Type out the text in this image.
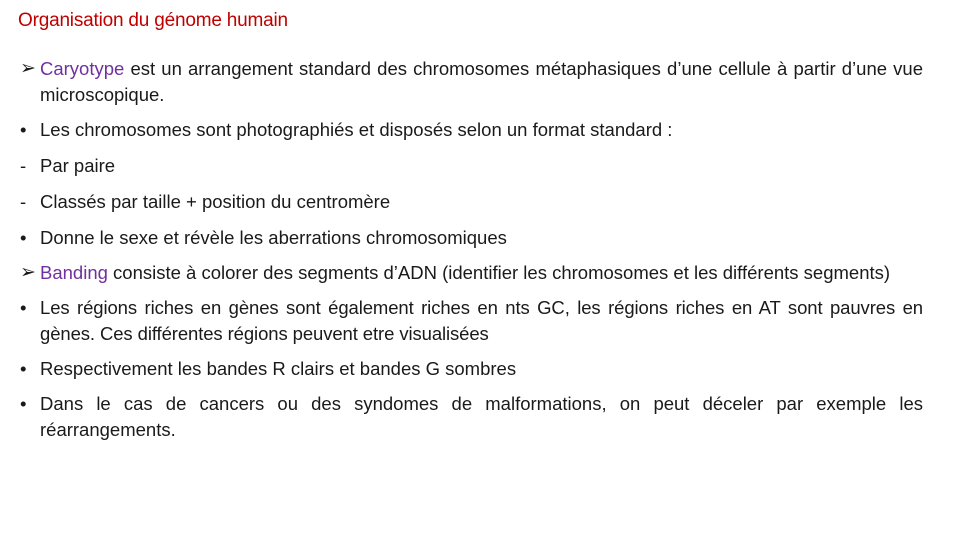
Organisation du génome humain
➢ Caryotype est un arrangement standard des chromosomes métaphasiques d’une cellule à partir d’une vue microscopique.
• Les chromosomes sont photographiés et disposés selon un format standard :
- Par paire
- Classés par taille + position du centromère
• Donne le sexe et révèle les aberrations chromosomiques
➢ Banding consiste à colorer des segments d’ADN (identifier les chromosomes et les différents segments)
• Les régions riches en gènes sont également riches en nts GC, les régions riches en AT sont pauvres en gènes. Ces différentes régions peuvent etre visualisées
• Respectivement les bandes R clairs et bandes G sombres
• Dans le cas de cancers ou des syndomes de malformations, on peut déceler par exemple les réarrangements.
